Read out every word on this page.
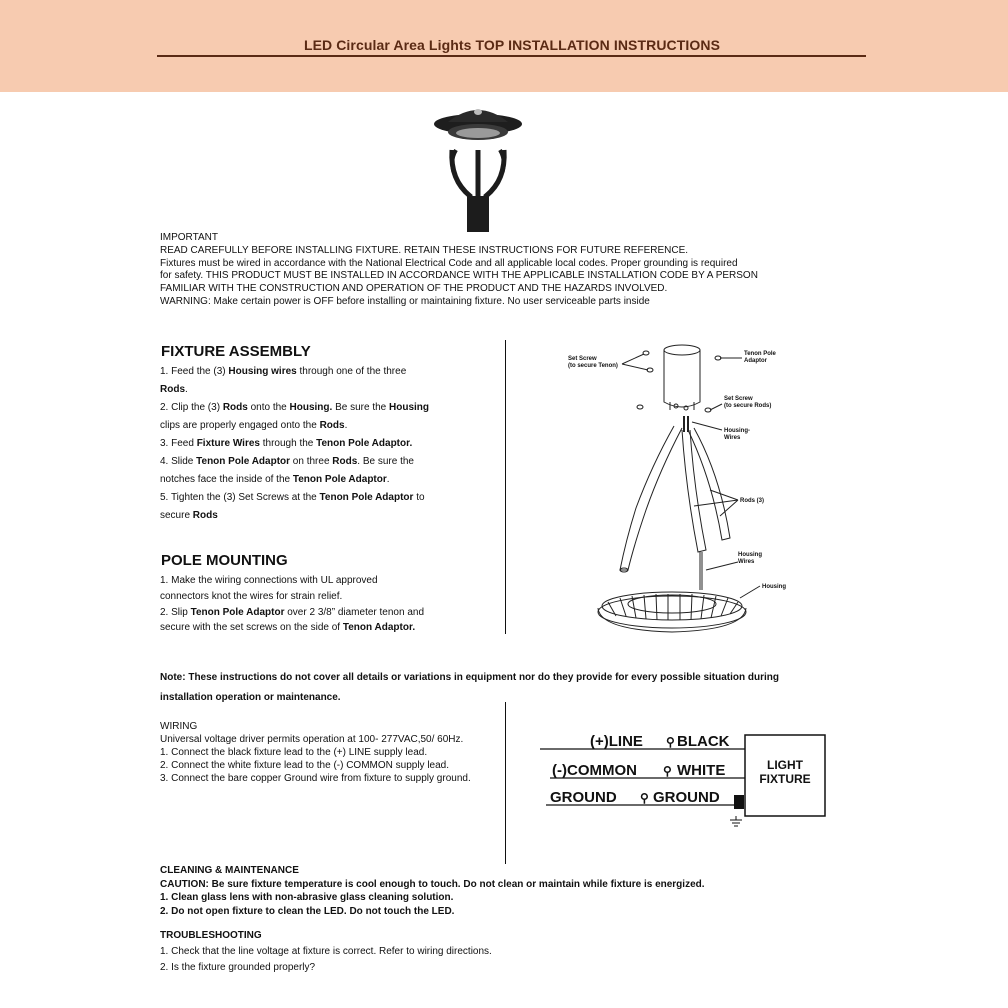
LED Circular Area Lights TOP INSTALLATION INSTRUCTIONS
IMPORTANT
READ CAREFULLY BEFORE INSTALLING FIXTURE. RETAIN THESE INSTRUCTIONS FOR FUTURE REFERENCE.
Fixtures must be wired in accordance with the National Electrical Code and all applicable local codes. Proper grounding is required
for safety. THIS PRODUCT MUST BE INSTALLED IN ACCORDANCE WITH THE APPLICABLE INSTALLATION CODE BY A PERSON
FAMILIAR WITH THE CONSTRUCTION AND OPERATION OF THE PRODUCT AND THE HAZARDS INVOLVED.
WARNING: Make certain power is OFF before installing or maintaining fixture. No user serviceable parts inside
FIXTURE ASSEMBLY
1. Feed the (3) Housing wires through one of the three
Rods.
2. Clip the (3) Rods onto the Housing. Be sure the Housing
clips are properly engaged onto the Rods.
3. Feed Fixture Wires through the Tenon Pole Adaptor.
4. Slide Tenon Pole Adaptor on three Rods. Be sure the
notches face the inside of the Tenon Pole Adaptor.
5. Tighten the (3) Set Screws at the Tenon Pole Adaptor to
secure Rods
POLE MOUNTING
1. Make the wiring connections with UL approved
connectors knot the wires for strain relief.
2. Slip Tenon Pole Adaptor over 2 3/8” diameter tenon and
secure with the set screws on the side of Tenon Adaptor.
Set Screw
(to secure Tenon)
Tenon Pole
Adaptor
Set Screw
(to secure Rods)
Housing-
Wires
Rods (3)
Housing
Wires
Housing
Note: These instructions do not cover all details or variations in equipment nor do they provide for every possible situation during
installation operation or maintenance.
WIRING
Universal voltage driver permits operation at 100- 277VAC,50/ 60Hz.
1. Connect the black fixture lead to the (+) LINE supply lead.
2. Connect the white fixture lead to the (-) COMMON supply lead.
3. Connect the bare copper Ground wire from fixture to supply ground.
(+)LINE ⚲ BLACK
(-)COMMON ⚲ WHITE
GROUND ⚲ GROUND
LIGHT
FIXTURE
CLEANING & MAINTENANCE
CAUTION: Be sure fixture temperature is cool enough to touch. Do not clean or maintain while fixture is energized.
1. Clean glass lens with non-abrasive glass cleaning solution.
2. Do not open fixture to clean the LED. Do not touch the LED.
TROUBLESHOOTING
1. Check that the line voltage at fixture is correct. Refer to wiring directions.
2. Is the fixture grounded properly?
